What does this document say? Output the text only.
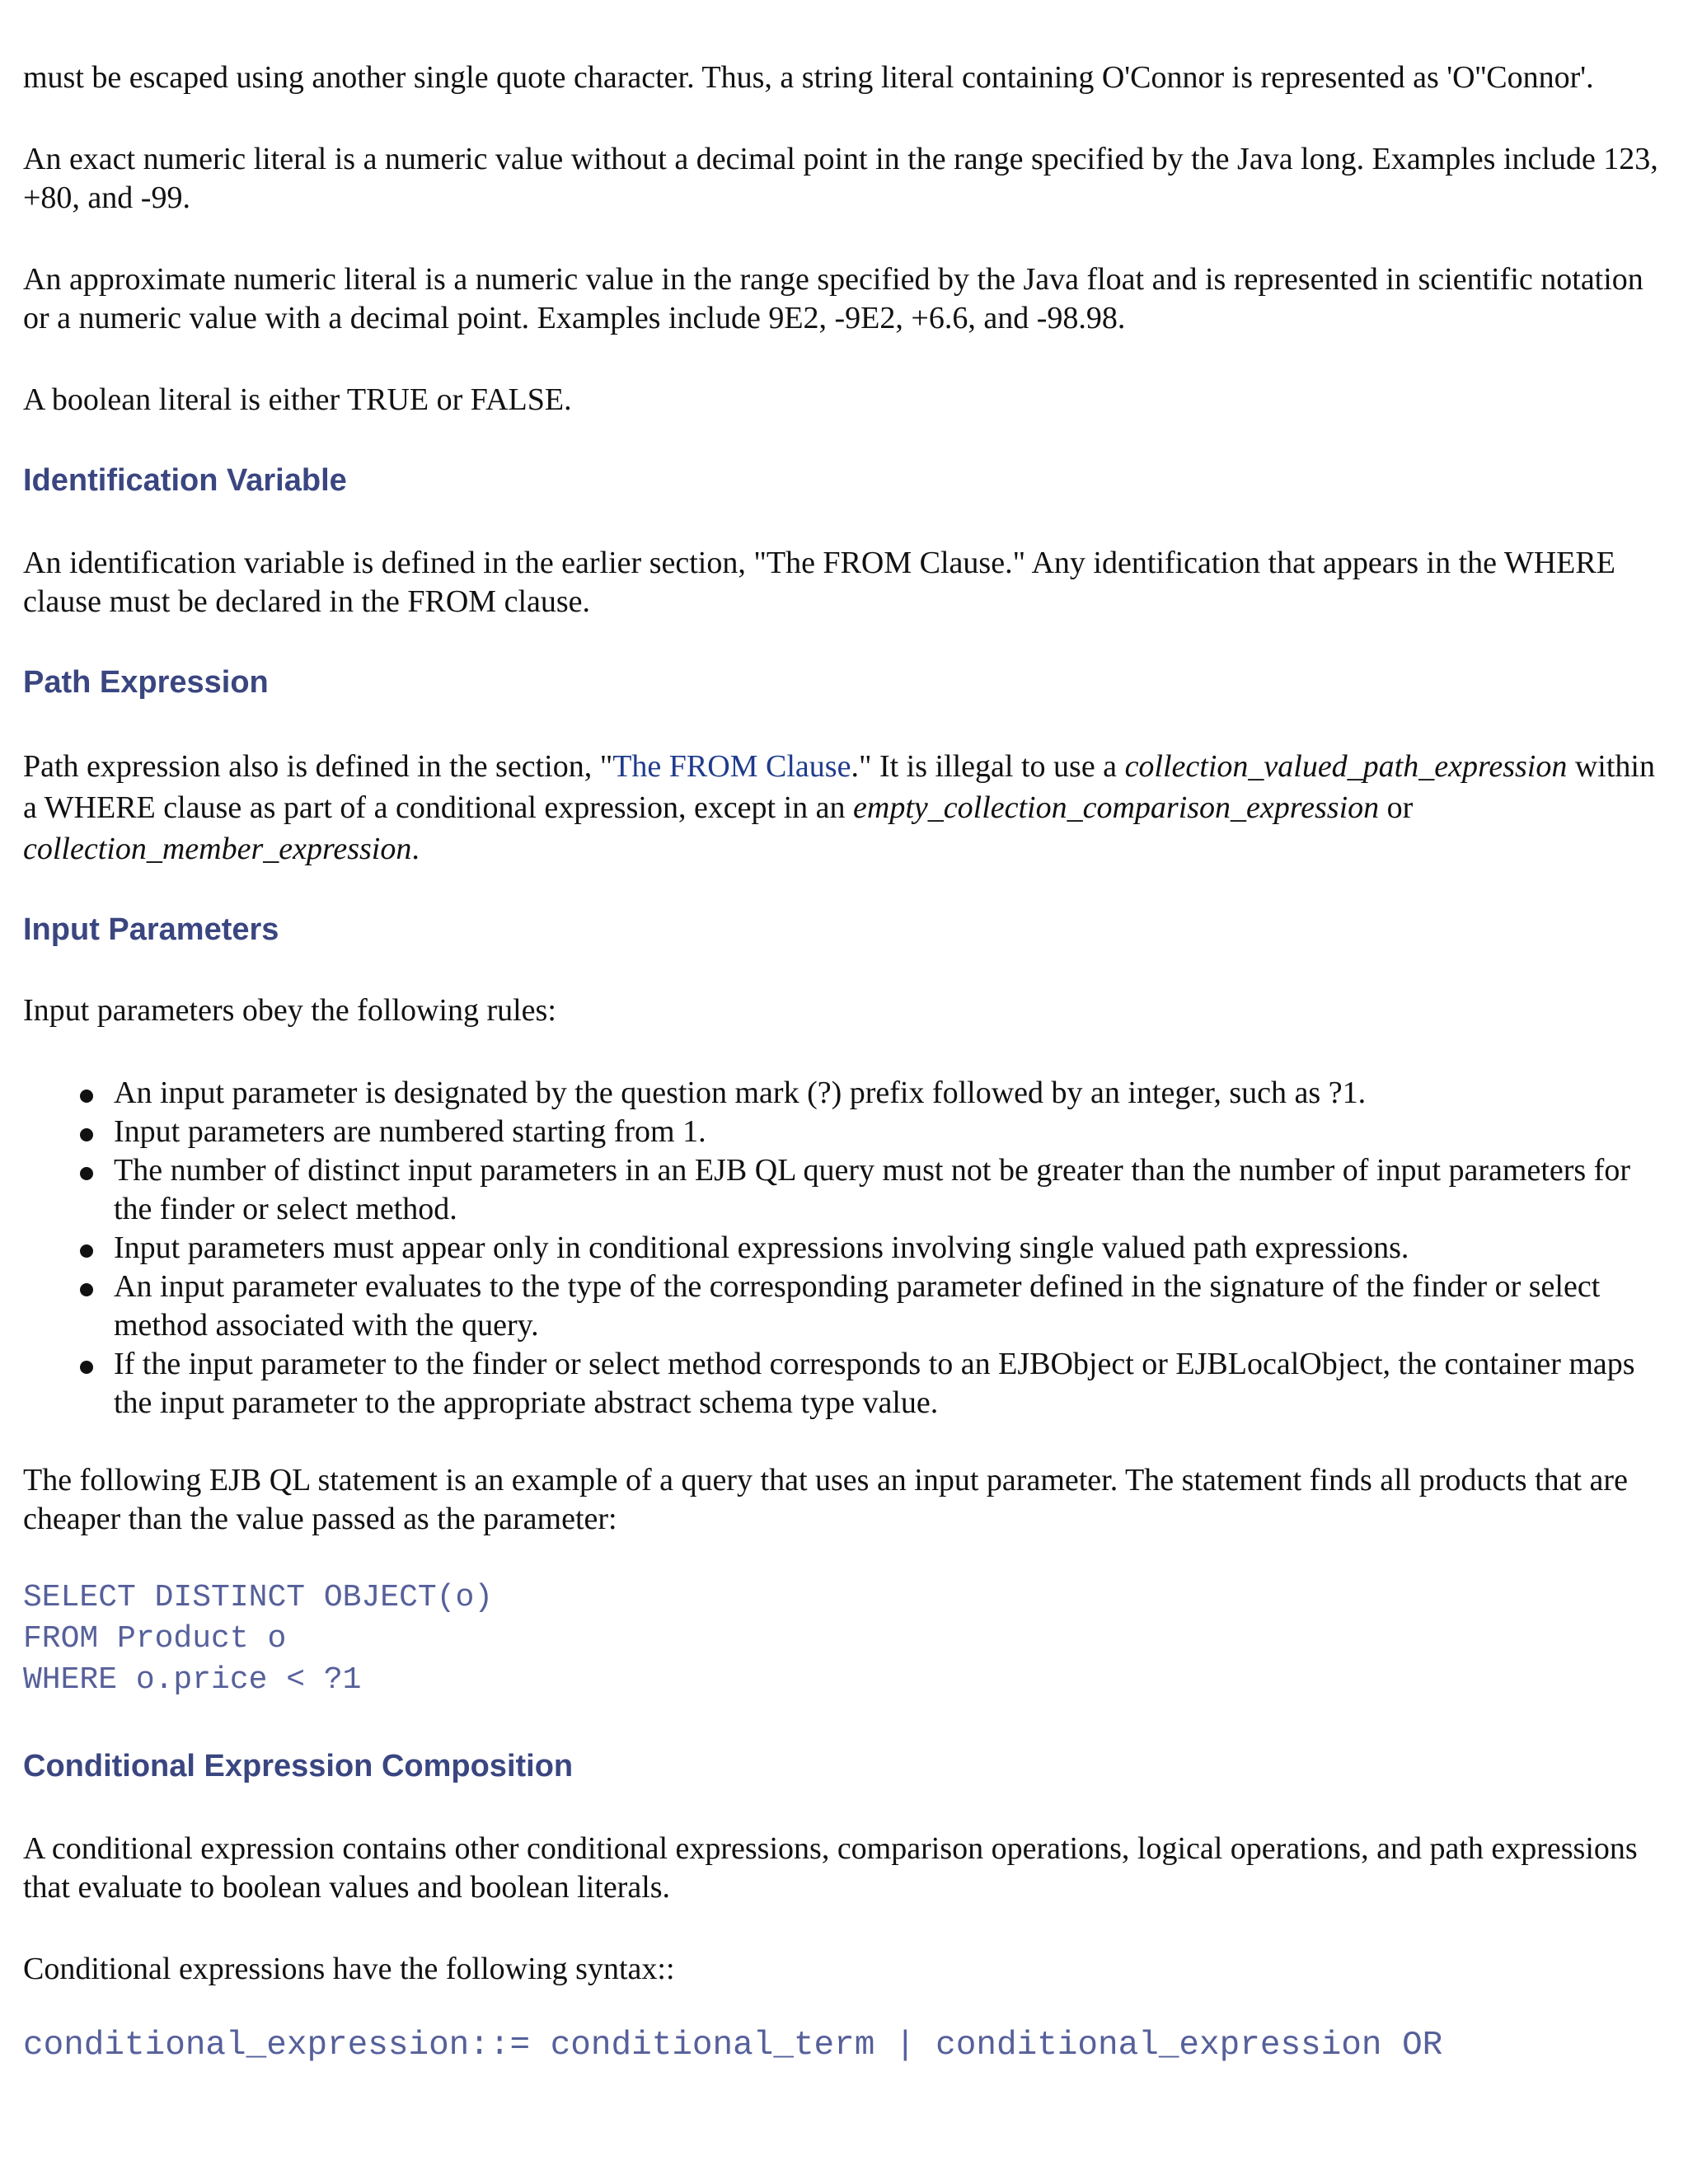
must be escaped using another single quote character. Thus, a string literal containing O'Connor is represented as 'O''Connor'.

An exact numeric literal is a numeric value without a decimal point in the range specified by the Java long. Examples include 123, +80, and -99.

An approximate numeric literal is a numeric value in the range specified by the Java float and is represented in scientific notation or a numeric value with a decimal point. Examples include 9E2, -9E2, +6.6, and -98.98.

A boolean literal is either TRUE or FALSE.

Identification Variable

An identification variable is defined in the earlier section, "The FROM Clause." Any identification that appears in the WHERE clause must be declared in the FROM clause.

Path Expression

Path expression also is defined in the section, "The FROM Clause." It is illegal to use a collection_valued_path_expression within a WHERE clause as part of a conditional expression, except in an empty_collection_comparison_expression or collection_member_expression.

Input Parameters

Input parameters obey the following rules:

An input parameter is designated by the question mark (?) prefix followed by an integer, such as ?1.
Input parameters are numbered starting from 1.
The number of distinct input parameters in an EJB QL query must not be greater than the number of input parameters for the finder or select method.
Input parameters must appear only in conditional expressions involving single valued path expressions.
An input parameter evaluates to the type of the corresponding parameter defined in the signature of the finder or select method associated with the query.
If the input parameter to the finder or select method corresponds to an EJBObject or EJBLocalObject, the container maps the input parameter to the appropriate abstract schema type value.

The following EJB QL statement is an example of a query that uses an input parameter. The statement finds all products that are cheaper than the value passed as the parameter:

SELECT DISTINCT OBJECT(o)
FROM Product o
WHERE o.price < ?1
Conditional Expression Composition

A conditional expression contains other conditional expressions, comparison operations, logical operations, and path expressions that evaluate to boolean values and boolean literals.

Conditional expressions have the following syntax::

conditional_expression::= conditional_term | conditional_expression OR
